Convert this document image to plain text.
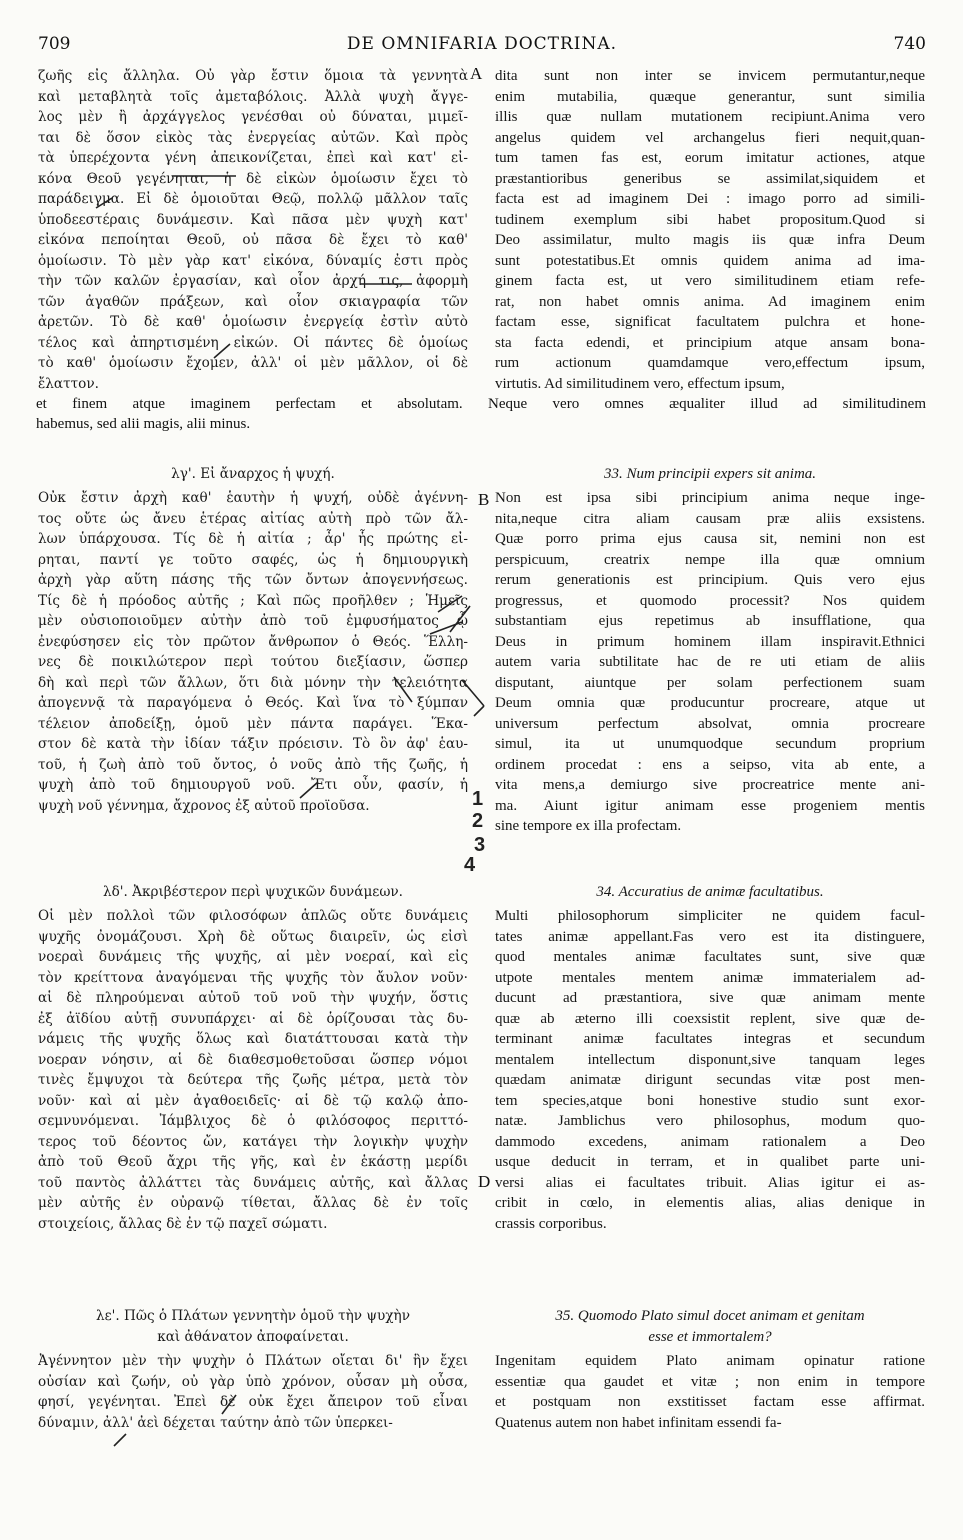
709	DE OMNIFARIA DOCTRINA.	740
A
B
D
ζωῆς εἰς ἄλληλα. Οὐ γὰρ ἔστιν ὅμοια τὰ γεννητὰ
καὶ μεταβλητὰ τοῖς ἀμεταβόλοις. Ἀλλὰ ψυχὴ ἄγγε-
λος μὲν ἢ ἀρχάγγελος γενέσθαι οὐ δύναται, μιμεῖ-
ται δὲ ὅσον εἰκὸς τὰς ἐνεργείας αὐτῶν. Καὶ πρὸς
τὰ ὑπερέχοντα γένη ἀπεικονίζεται, ἐπεὶ καὶ κατ' εἰ-
κόνα Θεοῦ γεγένηται, ἡ δὲ εἰκὼν ὁμοίωσιν ἔχει τὸ
παράδειγμα. Εἰ δὲ ὁμοιοῦται Θεῷ, πολλῷ μᾶλλον ταῖς
ὑποδεεστέραις δυνάμεσιν. Καὶ πᾶσα μὲν ψυχὴ κατ'
εἰκόνα πεποίηται Θεοῦ, οὐ πᾶσα δὲ ἔχει τὸ καθ'
ὁμοίωσιν. Τὸ μὲν γὰρ κατ' εἰκόνα, δύναμίς ἐστι πρὸς
τὴν τῶν καλῶν ἐργασίαν, καὶ οἷον ἀρχή τις, ἀφορμὴ
τῶν ἀγαθῶν πράξεων, καὶ οἷον σκιαγραφία τῶν
ἀρετῶν. Τὸ δὲ καθ' ὁμοίωσιν ἐνεργείᾳ ἐστὶν αὐτὸ
τέλος καὶ ἀπηρτισμένη εἰκών. Οἱ πάντες δὲ ὁμοίως
τὸ καθ' ὁμοίωσιν ἔχομεν, ἀλλ' οἱ μὲν μᾶλλον, οἱ δὲ
ἔλαττον.
dita sunt non inter se invicem permutantur,neque
enim mutabilia, quæque generantur, sunt similia
illis quæ nullam mutationem recipiunt.Anima vero
angelus quidem vel archangelus fieri nequit,quan-
tum tamen fas est, eorum imitatur actiones, atque
præstantioribus generibus se assimilat,siquidem et
facta est ad imaginem Dei : imago porro ad simili-
tudinem exemplum sibi habet propositum.Quod si
Deo assimilatur, multo magis iis quæ infra Deum
sunt potestatibus.Et omnis quidem anima ad ima-
ginem facta est, ut vero similitudinem etiam refe-
rat, non habet omnis anima. Ad imaginem enim
factam esse, significat facultatem pulchra et hone-
sta facta edendi, et principium atque ansam bona-
rum actionum quamdamque vero,effectum ipsum,
virtutis. Ad similitudinem vero, effectum ipsum,
et finem atque imaginem perfectam et absolutam. Neque vero omnes æqualiter illud ad similitudinem
habemus, sed alii magis, alii minus.
λγ'. Εἰ ἄναρχος ἡ ψυχή.
Οὐκ ἔστιν ἀρχὴ καθ' ἑαυτὴν ἡ ψυχή, οὐδὲ ἀγέννη-
τος οὔτε ὡς ἄνευ ἑτέρας αἰτίας αὐτὴ πρὸ τῶν ἄλ-
λων ὑπάρχουσα. Τίς δὲ ἡ αἰτία ; ἆρ' ἧς πρώτης εἰ-
ρηται, παντί γε τοῦτο σαφές, ὡς ἡ δημιουργικὴ
ἀρχὴ γὰρ αὕτη πάσης τῆς τῶν ὄντων ἀπογεννήσεως.
Τίς δὲ ἡ πρόοδος αὐτῆς ; Καὶ πῶς προῆλθεν ; Ἡμεῖς
μὲν οὐσιοποιοῦμεν αὐτὴν ἀπὸ τοῦ ἐμφυσήματος ᾧ
ἐνεφύσησεν εἰς τὸν πρῶτον ἄνθρωπον ὁ Θεός. Ἕλλη-
νες δὲ ποικιλώτερον περὶ τούτου διεξίασιν, ὥσπερ
δὴ καὶ περὶ τῶν ἄλλων, ὅτι διὰ μόνην τὴν τελειότητα
ἀπογεννᾷ τὰ παραγόμενα ὁ Θεός. Καὶ ἵνα τὸ ξύμπαν
τέλειον ἀποδείξῃ, ὁμοῦ μὲν πάντα παράγει. Ἕκα-
στον δὲ κατὰ τὴν ἰδίαν τάξιν πρόεισιν. Τὸ ὂν ἀφ' ἑαυ-
τοῦ, ἡ ζωὴ ἀπὸ τοῦ ὄντος, ὁ νοῦς ἀπὸ τῆς ζωῆς, ἡ
ψυχὴ ἀπὸ τοῦ δημιουργοῦ νοῦ. Ἔτι οὖν, φασίν, ἡ
ψυχὴ νοῦ γέννημα, ἄχρονος ἐξ αὐτοῦ προϊοῦσα.
33. Num principii expers sit anima.
Non est ipsa sibi principium anima neque inge-
nita,neque citra aliam causam præ aliis exsistens.
Quæ porro prima ejus causa sit, nemini non est
perspicuum, creatrix nempe illa quæ omnium
rerum generationis est principium. Quis vero ejus
progressus, et quomodo processit? Nos quidem
substantiam ejus repetimus ab insufflatione, qua
Deus in primum hominem illam inspiravit.Ethnici
autem varia subtilitate hac de re uti etiam de aliis
disputant, aiuntque per solam perfectionem suam
Deum omnia quæ producuntur procreare, atque ut
universum perfectum absolvat, omnia procreare
simul, ita ut unumquodque secundum proprium
ordinem procedat : ens a seipso, vita ab ente, a
vita mens,a demiurgo sive procreatrice mente ani-
ma. Aiunt igitur animam esse progeniem mentis
sine tempore ex illa profectam.
λδ'. Ἀκριβέστερον περὶ ψυχικῶν δυνάμεων.
Οἱ μὲν πολλοὶ τῶν φιλοσόφων ἁπλῶς οὔτε δυνάμεις
ψυχῆς ὀνομάζουσι. Χρὴ δὲ οὕτως διαιρεῖν, ὡς εἰσὶ
νοεραὶ δυνάμεις τῆς ψυχῆς, αἱ μὲν νοεραί, καὶ εἰς
τὸν κρείττονα ἀναγόμεναι τῆς ψυχῆς τὸν ἄυλον νοῦν·
αἱ δὲ πληρούμεναι αὐτοῦ τοῦ νοῦ τὴν ψυχήν, ὅστις
ἐξ ἀϊδίου αὐτῇ συνυπάρχει· αἱ δὲ ὁρίζουσαι τὰς δυ-
νάμεις τῆς ψυχῆς ὅλως καὶ διατάττουσαι κατὰ τὴν
νοεραν νόησιν, αἱ δὲ διαθεσμοθετοῦσαι ὥσπερ νόμοι
τινὲς ἔμψυχοι τὰ δεύτερα τῆς ζωῆς μέτρα, μετὰ τὸν
νοῦν· καὶ αἱ μὲν ἀγαθοειδεῖς· αἱ δὲ τῷ καλῷ ἀπο-
σεμνυνόμεναι. Ἰάμβλιχος δὲ ὁ φιλόσοφος περιττό-
τερος τοῦ δέοντος ὤν, κατάγει τὴν λογικὴν ψυχὴν
ἀπὸ τοῦ Θεοῦ ἄχρι τῆς γῆς, καὶ ἐν ἑκάστῃ μερίδι
τοῦ παντὸς ἀλλάττει τὰς δυνάμεις αὐτῆς, καὶ ἄλλας
μὲν αὐτῆς ἐν οὐρανῷ τίθεται, ἄλλας δὲ ἐν τοῖς
στοιχείοις, ἄλλας δὲ ἐν τῷ παχεῖ σώματι.
34. Accuratius de animæ facultatibus.
Multi philosophorum simpliciter ne quidem facul-
tates animæ appellant.Fas vero est ita distinguere,
quod mentales animæ facultates sunt, sive quæ
utpote mentales mentem animæ immaterialem ad-
ducunt ad præstantiora, sive quæ animam mente
quæ ab æterno illi coexsistit replent, sive quæ de-
terminant animæ facultates integras et secundum
mentalem intellectum disponunt,sive tanquam leges
quædam animatæ dirigunt secundas vitæ post men-
tem species,atque boni honestive studio sunt exor-
natæ. Jamblichus vero philosophus, modum quo-
dammodo excedens, animam rationalem a Deo
usque deducit in terram, et in qualibet parte uni-
versi alias ei facultates tribuit. Alias igitur ei as-
cribit in cœlo, in elementis alias, alias denique in
crassis corporibus.
λε'. Πῶς ὁ Πλάτων γεννητὴν ὁμοῦ τὴν ψυχὴν
καὶ ἀθάνατον ἀποφαίνεται.
Ἀγέννητον μὲν τὴν ψυχὴν ὁ Πλάτων οἴεται δι' ἣν ἔχει
οὐσίαν καὶ ζωήν, οὐ γὰρ ὑπὸ χρόνον, οὖσαν μὴ οὖσα,
φησί, γεγένηται. Ἐπεὶ δὲ οὐκ ἔχει ἄπειρον τοῦ εἶναι
δύναμιν, ἀλλ' ἀεὶ δέχεται ταύτην ἀπὸ τῶν ὑπερκει-
35. Quomodo Plato simul docet animam et genitam
esse et immortalem?
Ingenitam equidem Plato animam opinatur ratione
essentiæ qua gaudet et vitæ ; non enim in tempore
et postquam non exstitisset factam esse affirmat.
Quatenus autem non habet infinitam essendi fa-
1
2
3
4
